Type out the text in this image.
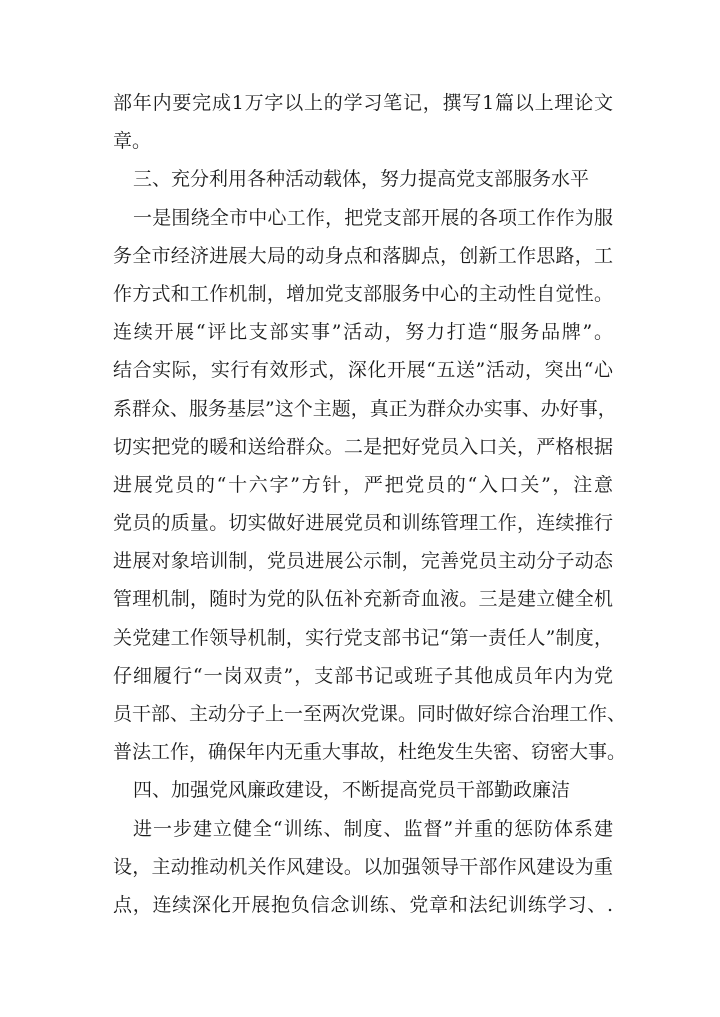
部年内要完成1万字以上的学习笔记，撰写1篇以上理论文
章。
三、充分利用各种活动载体，努力提高党支部服务水平
一是围绕全市中心工作，把党支部开展的各项工作作为服
务全市经济进展大局的动身点和落脚点，创新工作思路，工
作方式和工作机制，增加党支部服务中心的主动性自觉性。
连续开展“评比支部实事”活动，努力打造“服务品牌”。
结合实际，实行有效形式，深化开展“五送”活动，突出“心
系群众、服务基层”这个主题，真正为群众办实事、办好事，
切实把党的暖和送给群众。二是把好党员入口关，严格根据
进展党员的“十六字”方针，严把党员的“入口关”，注意
党员的质量。切实做好进展党员和训练管理工作，连续推行
进展对象培训制，党员进展公示制，完善党员主动分子动态
管理机制，随时为党的队伍补充新奇血液。三是建立健全机
关党建工作领导机制，实行党支部书记“第一责任人”制度，
仔细履行“一岗双责”，支部书记或班子其他成员年内为党
员干部、主动分子上一至两次党课。同时做好综合治理工作、
普法工作，确保年内无重大事故，杜绝发生失密、窃密大事。
四、加强党风廉政建设，不断提高党员干部勤政廉洁
进一步建立健全“训练、制度、监督”并重的惩防体系建
设，主动推动机关作风建设。以加强领导干部作风建设为重
点，连续深化开展抱负信念训练、党章和法纪训练学习、.
